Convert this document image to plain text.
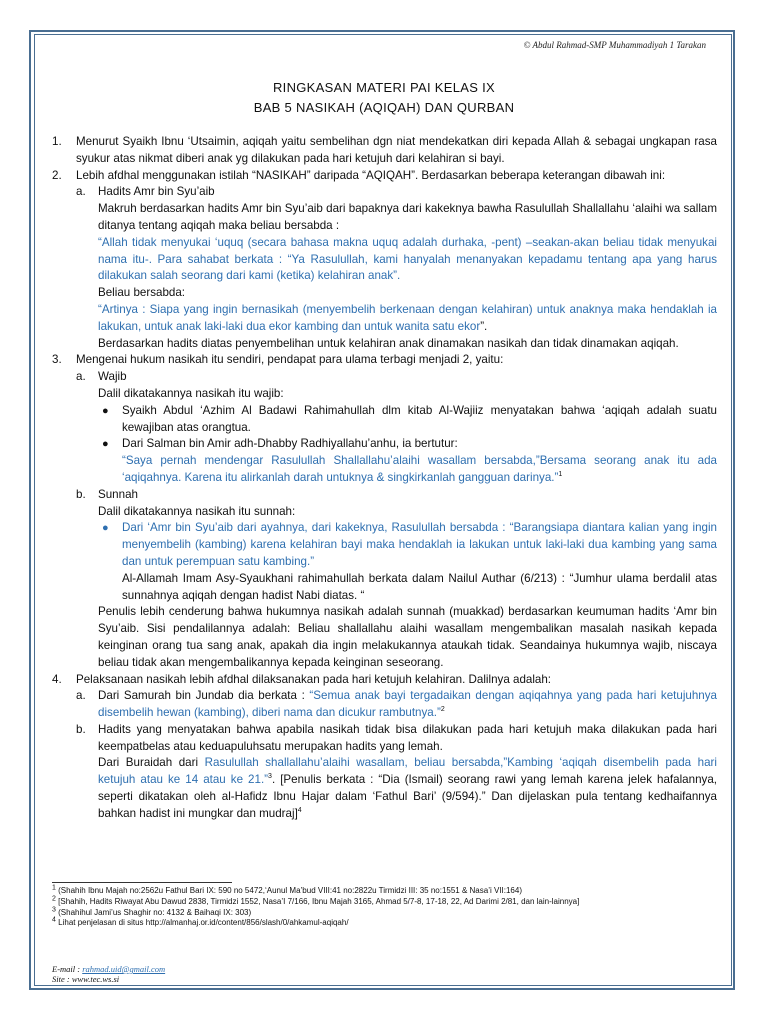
© Abdul Rahmad-SMP Muhammadiyah 1 Tarakan
RINGKASAN MATERI PAI KELAS IX
BAB 5 NASIKAH (AQIQAH) DAN QURBAN
1. Menurut Syaikh Ibnu ‘Utsaimin, aqiqah yaitu sembelihan dgn niat mendekatkan diri kepada Allah & sebagai ungkapan rasa syukur atas nikmat diberi anak yg dilakukan pada hari ketujuh dari kelahiran si bayi.
2. Lebih afdhal menggunakan istilah “NASIKAH” daripada “AQIQAH”. Berdasarkan beberapa keterangan dibawah ini:
a. Hadits Amr bin Syu’aib
Makruh berdasarkan hadits Amr bin Syu’aib dari bapaknya dari kakeknya bawha Rasulullah Shallallahu ‘alaihi wa sallam ditanya tentang aqiqah maka beliau bersabda :
“Allah tidak menyukai ‘uquq (secara bahasa makna uquq adalah durhaka, -pent) –seakan-akan beliau tidak menyukai nama itu-. Para sahabat berkata : “Ya Rasulullah, kami hanyalah menanyakan kepadamu tentang apa yang harus dilakukan salah seorang dari kami (ketika) kelahiran anak”.
Beliau bersabda:
“Artinya : Siapa yang ingin bernasikah (menyembelih berkenaan dengan kelahiran) untuk anaknya maka hendaklah ia lakukan, untuk anak laki-laki dua ekor kambing dan untuk wanita satu ekor”.
Berdasarkan hadits diatas penyembelihan untuk kelahiran anak dinamakan nasikah dan tidak dinamakan aqiqah.
3. Mengenai hukum nasikah itu sendiri, pendapat para ulama terbagi menjadi 2, yaitu:
a. Wajib
Dalil dikatakannya nasikah itu wajib:
● Syaikh Abdul ‘Azhim Al Badawi Rahimahullah dlm kitab Al-Wajiiz menyatakan bahwa ‘aqiqah adalah suatu kewajiban atas orangtua.
● Dari Salman bin Amir adh-Dhabby Radhiyallahu’anhu, ia bertutur:
“Saya pernah mendengar Rasulullah Shallallahu’alaihi wasallam bersabda,”Bersama seorang anak itu ada ‘aqiqahnya. Karena itu alirkanlah darah untuknya & singkirkanlah gangguan darinya.”$^1$
b. Sunnah
Dalil dikatakannya nasikah itu sunnah:
● Dari ‘Amr bin Syu’aib dari ayahnya, dari kakeknya, Rasulullah bersabda : “Barangsiapa diantara kalian yang ingin menyembelih (kambing) karena kelahiran bayi maka hendaklah ia lakukan untuk laki-laki dua kambing yang sama dan untuk perempuan satu kambing.”
Al-Allamah Imam Asy-Syaukhani rahimahullah berkata dalam Nailul Authar (6/213) : “Jumhur ulama berdalil atas sunnahnya aqiqah dengan hadist Nabi diatas. “
Penulis lebih cenderung bahwa hukumnya nasikah adalah sunnah (muakkad) berdasarkan keumuman hadits ‘Amr bin Syu’aib. Sisi pendalilannya adalah: Beliau shallallahu alaihi wasallam mengembalikan masalah nasikah kepada keinginan orang tua sang anak, apakah dia ingin melakukannya ataukah tidak. Seandainya hukumnya wajib, niscaya beliau tidak akan mengembalikannya kepada keinginan seseorang.
4. Pelaksanaan nasikah lebih afdhal dilaksanakan pada hari ketujuh kelahiran. Dalilnya adalah:
a. Dari Samurah bin Jundab dia berkata : “Semua anak bayi tergadaikan dengan aqiqahnya yang pada hari ketujuhnya disembelih hewan (kambing), diberi nama dan dicukur rambutnya.”$^2$
b. Hadits yang menyatakan bahwa apabila nasikah tidak bisa dilakukan pada hari ketujuh maka dilakukan pada hari keempatbelas atau keduapuluhsatu merupakan hadits yang lemah.
Dari Buraidah dari Rasulullah shallallahu’alaihi wasallam, beliau bersabda,”Kambing ‘aqiqah disembelih pada hari ketujuh atau ke 14 atau ke 21.”$^3$. [Penulis berkata : “Dia (Ismail) seorang rawi yang lemah karena jelek hafalannya, seperti dikatakan oleh al-Hafidz Ibnu Hajar dalam ‘Fathul Bari’ (9/594).” Dan dijelaskan pula tentang kedhaifannya bahkan hadist ini mungkar dan mudraj]$^4$
$^1$ (Shahih Ibnu Majah no:2562u Fathul Bari IX: 590 no 5472,‘Aunul Ma’bud VIII:41 no:2822u Tirmidzi III: 35 no:1551 & Nasa’i VII:164)
$^2$ [Shahih, Hadits Riwayat Abu Dawud 2838, Tirmidzi 1552, Nasa’I 7/166, Ibnu Majah 3165, Ahmad 5/7-8, 17-18, 22, Ad Darimi 2/81, dan lain-lainnya]
$^3$ (Shahihul Jami’us Shaghir no: 4132 & Baihaqi IX: 303)
$^4$ Lihat penjelasan di situs http://almanhaj.or.id/content/856/slash/0/ahkamul-aqiqah/
E-mail : rahmad.uid@gmail.com
Site : www.tec.ws.si
